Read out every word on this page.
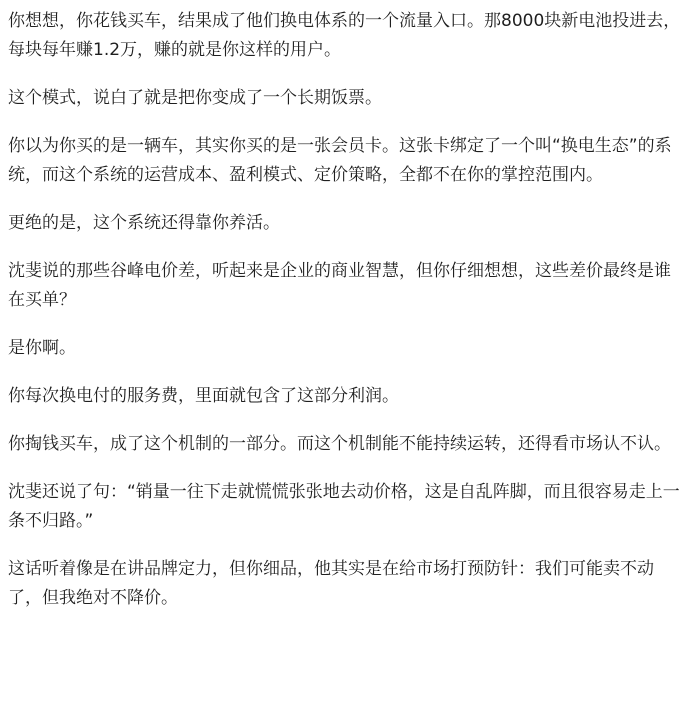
你想想，你花钱买车，结果成了他们换电体系的一个流量入口。那8000块新电池投进去，每块每年赚1.2万，赚的就是你这样的用户。

这个模式，说白了就是把你变成了一个长期饭票。

你以为你买的是一辆车，其实你买的是一张会员卡。这张卡绑定了一个叫“换电生态”的系统，而这个系统的运营成本、盈利模式、定价策略，全都不在你的掌控范围内。

更绝的是，这个系统还得靠你养活。

沈斐说的那些谷峰电价差，听起来是企业的商业智慧，但你仔细想想，这些差价最终是谁在买单？

是你啊。

你每次换电付的服务费，里面就包含了这部分利润。

你掏钱买车，成了这个机制的一部分。而这个机制能不能持续运转，还得看市场认不认。

沈斐还说了句：“销量一往下走就慌慌张张地去动价格，这是自乱阵脚，而且很容易走上一条不归路。”

这话听着像是在讲品牌定力，但你细品，他其实是在给市场打预防针：我们可能卖不动了，但我绝对不降价。
